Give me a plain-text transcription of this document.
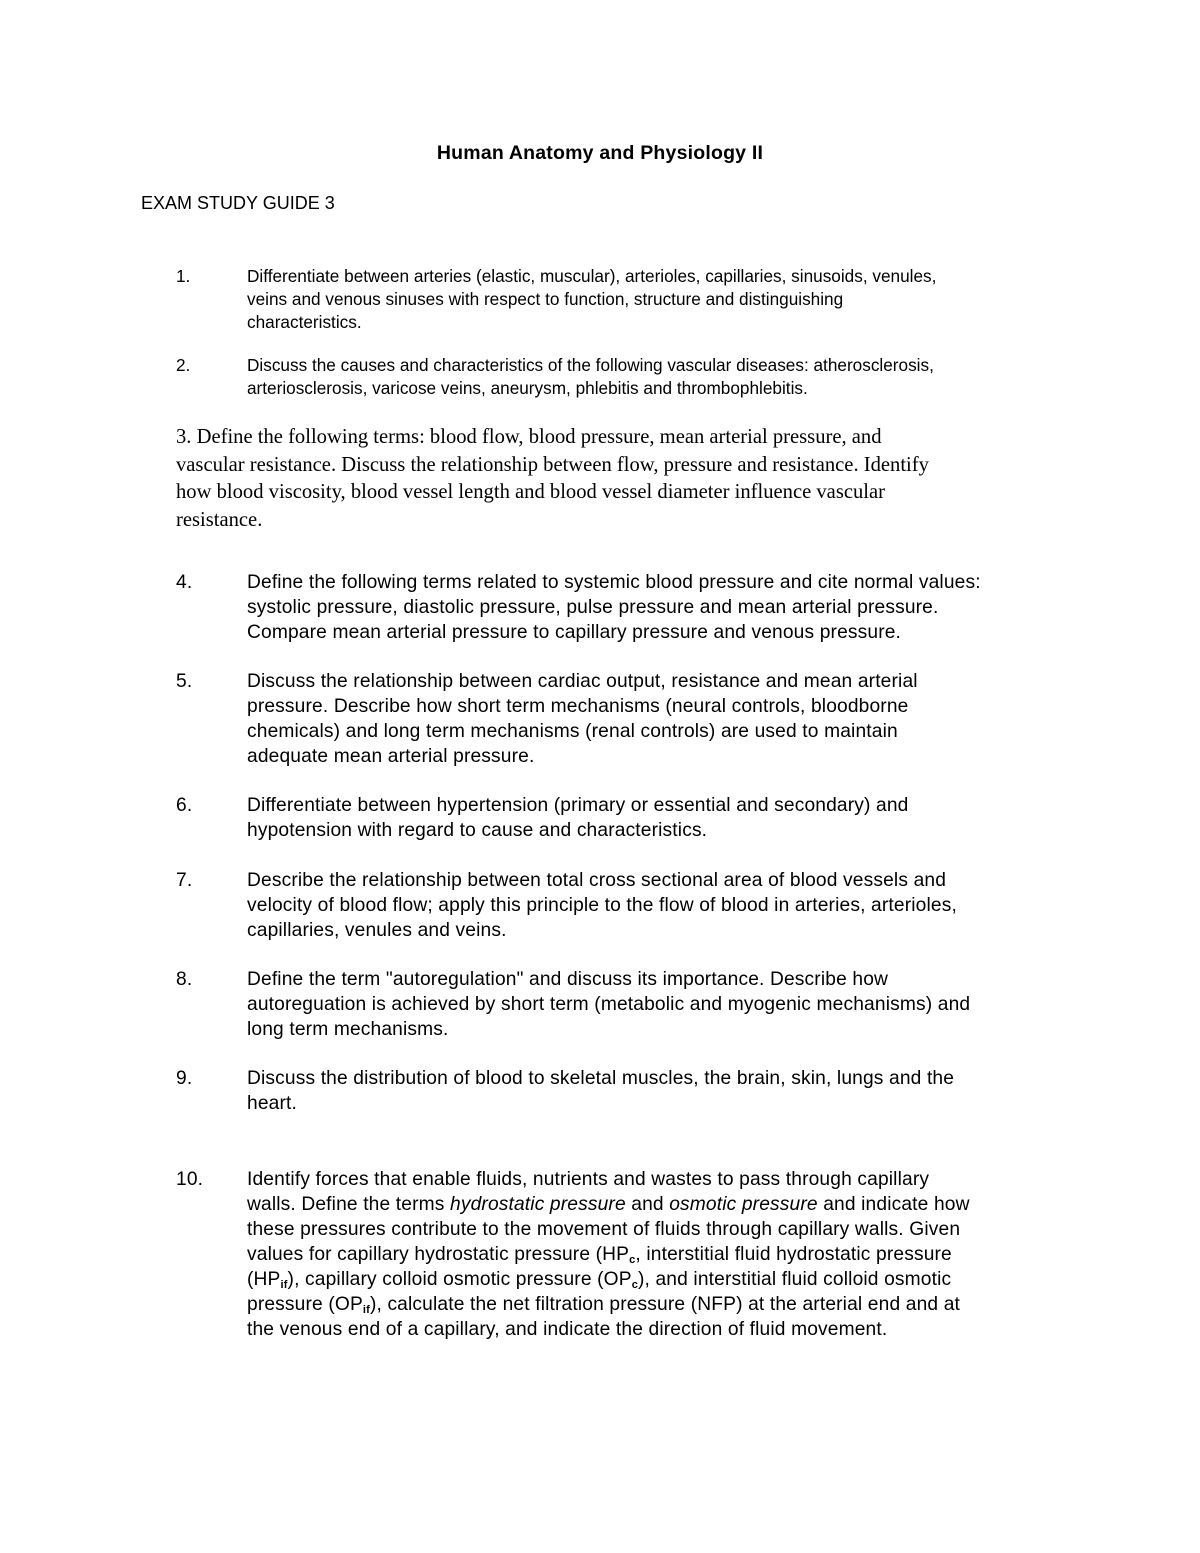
Human Anatomy and Physiology II
EXAM STUDY GUIDE 3
1.	Differentiate between arteries (elastic, muscular), arterioles, capillaries, sinusoids, venules,
veins and venous sinuses with respect to function, structure and distinguishing
characteristics.
2.	Discuss the causes and characteristics of the following vascular diseases: atherosclerosis,
arteriosclerosis, varicose veins, aneurysm, phlebitis and thrombophlebitis.
3. Define the following terms: blood flow, blood pressure, mean arterial pressure, and
vascular resistance. Discuss the relationship between flow, pressure and resistance. Identify
how blood viscosity, blood vessel length and blood vessel diameter influence vascular
resistance.
4.	Define the following terms related to systemic blood pressure and cite normal values:
systolic pressure, diastolic pressure, pulse pressure and mean arterial pressure.
Compare mean arterial pressure to capillary pressure and venous pressure.
5.	Discuss the relationship between cardiac output, resistance and mean arterial
pressure. Describe how short term mechanisms (neural controls, bloodborne
chemicals) and long term mechanisms (renal controls) are used to maintain
adequate mean arterial pressure.
6.	Differentiate between hypertension (primary or essential and secondary) and
hypotension with regard to cause and characteristics.
7.	Describe the relationship between total cross sectional area of blood vessels and
velocity of blood flow; apply this principle to the flow of blood in arteries, arterioles,
capillaries, venules and veins.
8.	Define the term "autoregulation" and discuss its importance. Describe how
autoreguation is achieved by short term (metabolic and myogenic mechanisms) and
long term mechanisms.
9.	Discuss the distribution of blood to skeletal muscles, the brain, skin, lungs and the
heart.
10. Identify forces that enable fluids, nutrients and wastes to pass through capillary
walls. Define the terms hydrostatic pressure and osmotic pressure and indicate how
these pressures contribute to the movement of fluids through capillary walls. Given
values for capillary hydrostatic pressure ($HP_c$, interstitial fluid hydrostatic pressure
$(HP_{if})$, capillary colloid osmotic pressure $(OP_c)$, and interstitial fluid colloid osmotic
pressure $(OP_{if})$, calculate the net filtration pressure (NFP) at the arterial end and at
the venous end of a capillary, and indicate the direction of fluid movement.
